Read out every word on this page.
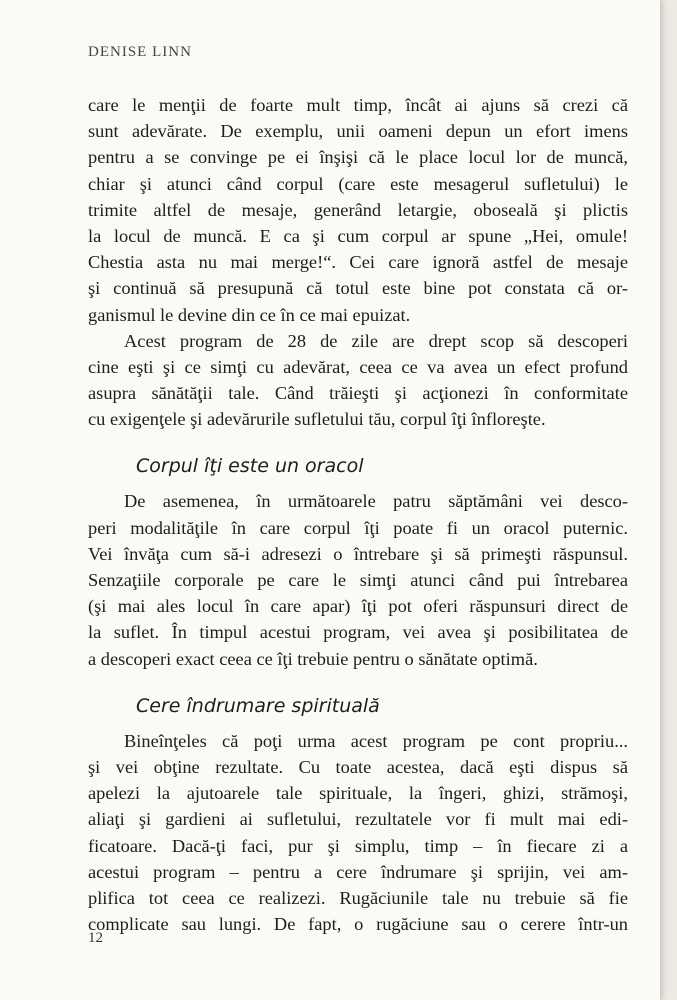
DENISE LINN
care le menţii de foarte mult timp, încât ai ajuns să crezi că
sunt adevărate. De exemplu, unii oameni depun un efort imens
pentru a se convinge pe ei înşişi că le place locul lor de muncă,
chiar şi atunci când corpul (care este mesagerul sufletului) le
trimite altfel de mesaje, generând letargie, oboseală şi plictis
la locul de muncă. E ca şi cum corpul ar spune „Hei, omule!
Chestia asta nu mai merge!“. Cei care ignoră astfel de mesaje
şi continuă să presupună că totul este bine pot constata că or-
ganismul le devine din ce în ce mai epuizat.
Acest program de 28 de zile are drept scop să descoperi
cine eşti şi ce simţi cu adevărat, ceea ce va avea un efect profund
asupra sănătăţii tale. Când trăieşti şi acţionezi în conformitate
cu exigenţele şi adevărurile sufletului tău, corpul îţi înfloreşte.
Corpul îţi este un oracol
De asemenea, în următoarele patru săptămâni vei desco-
peri modalităţile în care corpul îţi poate fi un oracol puternic.
Vei învăţa cum să-i adresezi o întrebare şi să primeşti răspunsul.
Senzaţiile corporale pe care le simţi atunci când pui întrebarea
(şi mai ales locul în care apar) îţi pot oferi răspunsuri direct de
la suflet. În timpul acestui program, vei avea şi posibilitatea de
a descoperi exact ceea ce îţi trebuie pentru o sănătate optimă.
Cere îndrumare spirituală
Bineînţeles că poţi urma acest program pe cont propriu...
şi vei obţine rezultate. Cu toate acestea, dacă eşti dispus să
apelezi la ajutoarele tale spirituale, la îngeri, ghizi, strămoşi,
aliaţi şi gardieni ai sufletului, rezultatele vor fi mult mai edi-
ficatoare. Dacă-ţi faci, pur şi simplu, timp – în fiecare zi a
acestui program – pentru a cere îndrumare şi sprijin, vei am-
plifica tot ceea ce realizezi. Rugăciunile tale nu trebuie să fie
complicate sau lungi. De fapt, o rugăciune sau o cerere într-un
12
